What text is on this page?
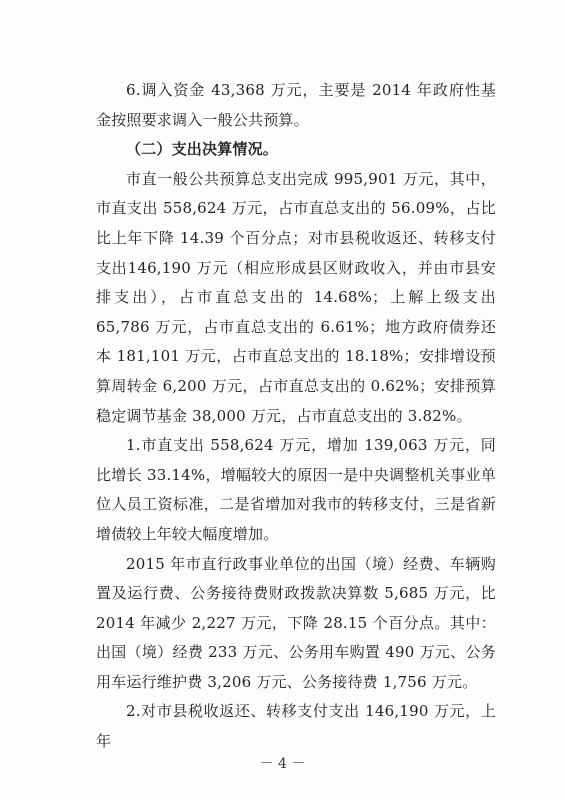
6.调入资金 43,368 万元，主要是 2014 年政府性基金按照要求调入一般公共预算。

（二）支出决算情况。

市直一般公共预算总支出完成 995,901 万元，其中，市直支出 558,624 万元，占市直总支出的 56.09%，占比比上年下降 14.39 个百分点；对市县税收返还、转移支付支出146,190 万元（相应形成县区财政收入，并由市县安排支出），占市直总支出的 14.68%；上解上级支出 65,786 万元，占市直总支出的 6.61%；地方政府债券还本 181,101 万元，占市直总支出的 18.18%；安排增设预算周转金 6,200 万元，占市直总支出的 0.62%；安排预算稳定调节基金 38,000 万元，占市直总支出的 3.82%。

1.市直支出 558,624 万元，增加 139,063 万元，同比增长 33.14%，增幅较大的原因一是中央调整机关事业单位人员工资标准，二是省增加对我市的转移支付，三是省新增债较上年较大幅度增加。

2015 年市直行政事业单位的出国（境）经费、车辆购置及运行费、公务接待费财政拨款决算数 5,685 万元，比 2014 年减少 2,227 万元，下降 28.15 个百分点。其中：出国（境）经费 233 万元、公务用车购置 490 万元、公务用车运行维护费 3,206 万元、公务接待费 1,756 万元。

2.对市县税收返还、转移支付支出 146,190 万元，上年

－ 4 －
